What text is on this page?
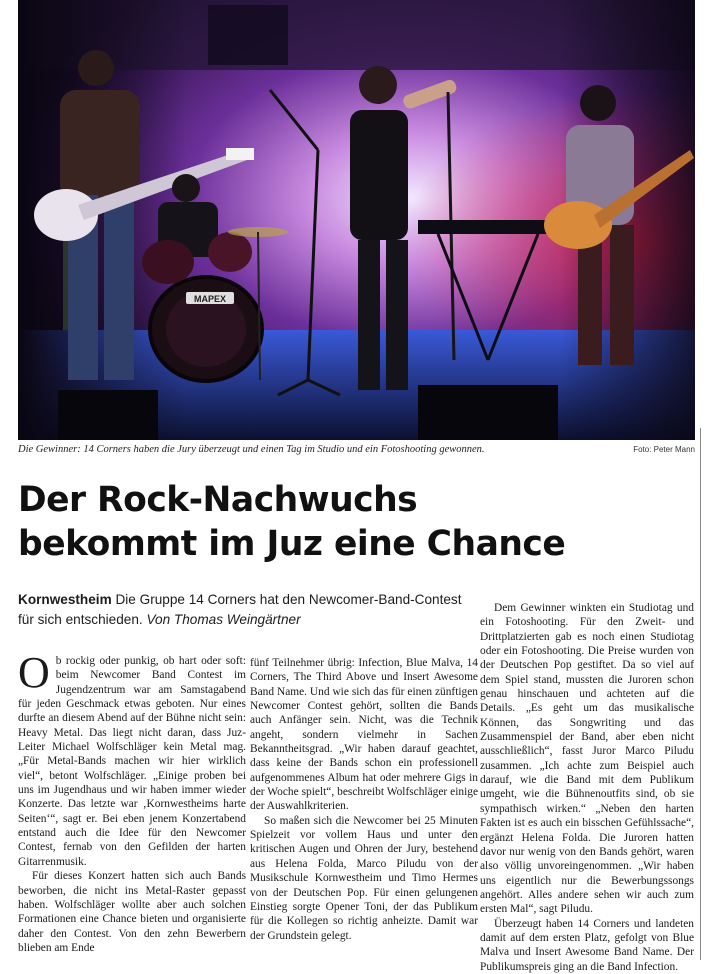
MAPEX
Die Gewinner: 14 Corners haben die Jury überzeugt und einen Tag im Studio und ein Fotoshooting gewonnen.	Foto: Peter Mann
Der Rock-Nachwuchs
bekommt im Juz eine Chance
Kornwestheim Die Gruppe 14 Corners hat den Newcomer-Band-Contest für sich entschieden. Von Thomas Weingärtner

Ob rockig oder punkig, ob hart oder soft: beim Newcomer Band Contest im Jugendzentrum war am Samstagabend für jeden Geschmack etwas geboten. Nur eines durfte an diesem Abend auf der Bühne nicht sein: Heavy Metal. Das liegt nicht daran, dass Juz-Leiter Michael Wolfschläger kein Metal mag. „Für Metal-Bands machen wir hier wirklich viel“, betont Wolfschläger. „Einige proben bei uns im Jugendhaus und wir haben immer wieder Konzerte. Das letzte war ‚Kornwestheims harte Seiten‘“, sagt er. Bei eben jenem Konzertabend entstand auch die Idee für den Newcomer Contest, fernab von den Gefilden der harten Gitarrenmusik.

Für dieses Konzert hatten sich auch Bands beworben, die nicht ins Metal-Raster gepasst haben. Wolfschläger wollte aber auch solchen Formationen eine Chance bieten und organisierte daher den Contest. Von den zehn Bewerbern blieben am Ende

fünf Teilnehmer übrig: Infection, Blue Malva, 14 Corners, The Third Above und Insert Awesome Band Name. Und wie sich das für einen zünftigen Newcomer Contest gehört, sollten die Bands auch Anfänger sein. Nicht, was die Technik angeht, sondern vielmehr in Sachen Bekanntheitsgrad. „Wir haben darauf geachtet, dass keine der Bands schon ein professionell aufgenommenes Album hat oder mehrere Gigs in der Woche spielt“, beschreibt Wolfschläger einige der Auswahlkriterien.

So maßen sich die Newcomer bei 25 Minuten Spielzeit vor vollem Haus und unter den kritischen Augen und Ohren der Jury, bestehend aus Helena Folda, Marco Piludu von der Musikschule Kornwestheim und Timo Hermes von der Deutschen Pop. Für einen gelungenen Einstieg sorgte Opener Toni, der das Publikum für die Kollegen so richtig anheizte. Damit war der Grundstein gelegt.

Dem Gewinner winkten ein Studiotag und ein Fotoshooting. Für den Zweit- und Drittplatzierten gab es noch einen Studiotag oder ein Fotoshooting. Die Preise wurden von der Deutschen Pop gestiftet. Da so viel auf dem Spiel stand, mussten die Juroren schon genau hinschauen und achteten auf die Details. „Es geht um das musikalische Können, das Songwriting und das Zusammenspiel der Band, aber eben nicht ausschließlich“, fasst Juror Marco Piludu zusammen. „Ich achte zum Beispiel auch darauf, wie die Band mit dem Publikum umgeht, wie die Bühnenoutfits sind, ob sie sympathisch wirken.“ „Neben den harten Fakten ist es auch ein bisschen Gefühlssache“, ergänzt Helena Folda. Die Juroren hatten davor nur wenig von den Bands gehört, waren also völlig unvoreingenommen. „Wir haben uns eigentlich nur die Bewerbungssongs angehört. Alles andere sehen wir auch zum ersten Mal“, sagt Piludu.

Überzeugt haben 14 Corners und landeten damit auf dem ersten Platz, gefolgt von Blue Malva und Insert Awesome Band Name. Der Publikumspreis ging an die Band Infection.
